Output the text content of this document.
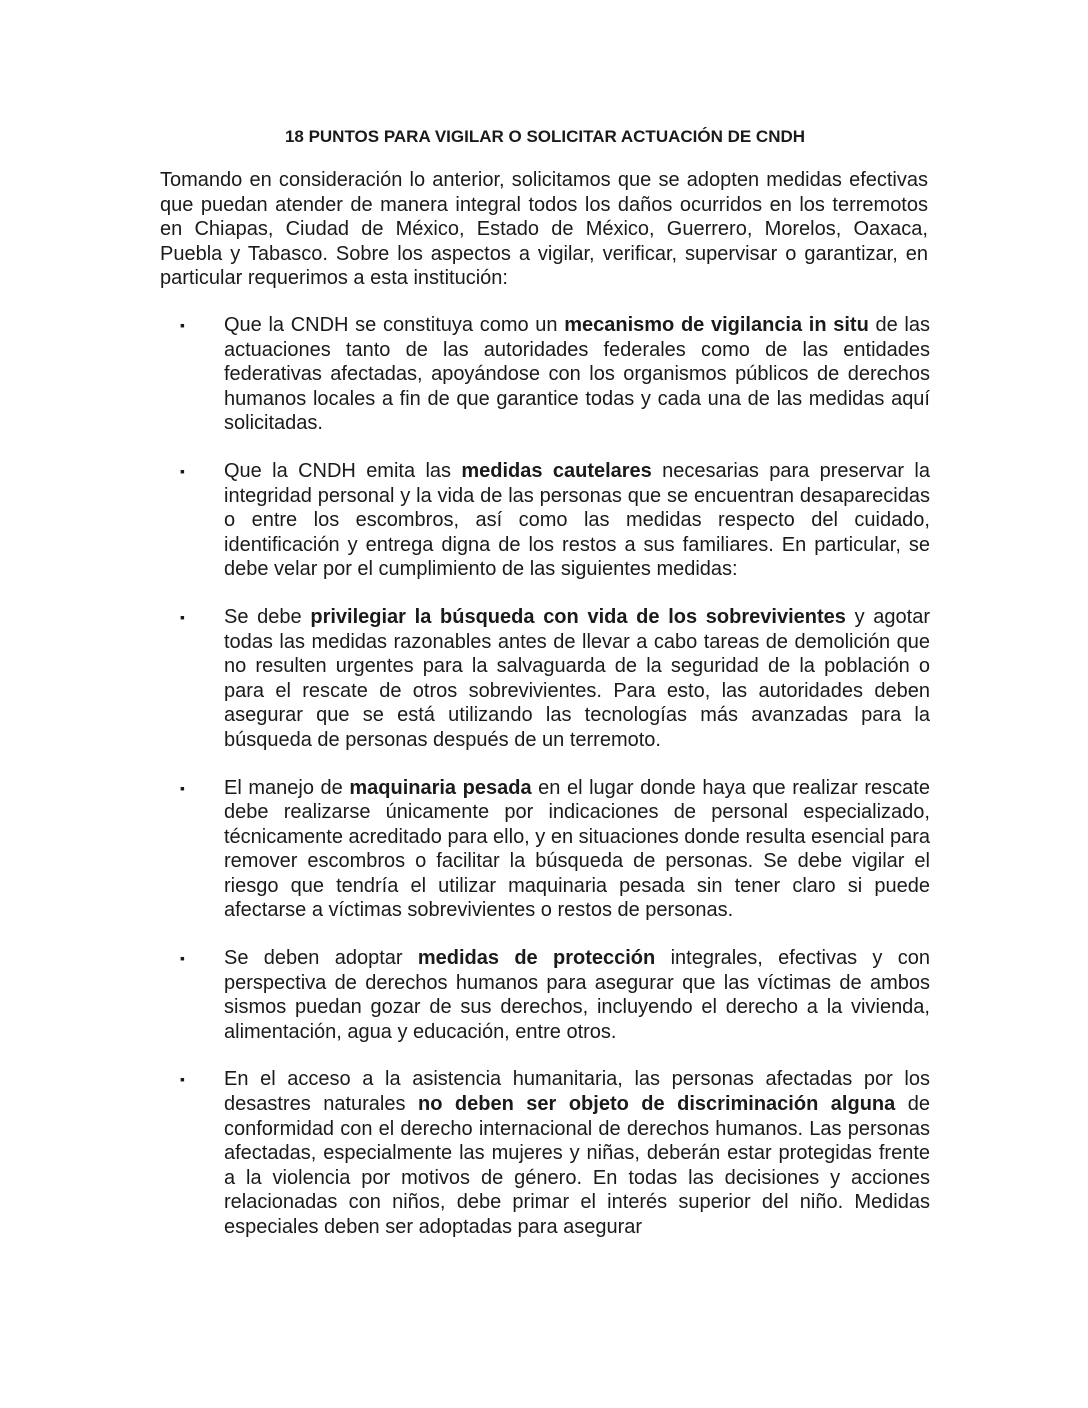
18 PUNTOS PARA VIGILAR O SOLICITAR ACTUACIÓN DE CNDH

Tomando en consideración lo anterior, solicitamos que se adopten medidas efectivas que puedan atender de manera integral todos los daños ocurridos en los terremotos en Chiapas, Ciudad de México, Estado de México, Guerrero, Morelos, Oaxaca, Puebla y Tabasco. Sobre los aspectos a vigilar, verificar, supervisar o garantizar, en particular requerimos a esta institución:

▪ Que la CNDH se constituya como un mecanismo de vigilancia in situ de las actuaciones tanto de las autoridades federales como de las entidades federativas afectadas, apoyándose con los organismos públicos de derechos humanos locales a fin de que garantice todas y cada una de las medidas aquí solicitadas.
▪ Que la CNDH emita las medidas cautelares necesarias para preservar la integridad personal y la vida de las personas que se encuentran desaparecidas o entre los escombros, así como las medidas respecto del cuidado, identificación y entrega digna de los restos a sus familiares. En particular, se debe velar por el cumplimiento de las siguientes medidas:
▪ Se debe privilegiar la búsqueda con vida de los sobrevivientes y agotar todas las medidas razonables antes de llevar a cabo tareas de demolición que no resulten urgentes para la salvaguarda de la seguridad de la población o para el rescate de otros sobrevivientes. Para esto, las autoridades deben asegurar que se está utilizando las tecnologías más avanzadas para la búsqueda de personas después de un terremoto.
▪ El manejo de maquinaria pesada en el lugar donde haya que realizar rescate debe realizarse únicamente por indicaciones de personal especializado, técnicamente acreditado para ello, y en situaciones donde resulta esencial para remover escombros o facilitar la búsqueda de personas. Se debe vigilar el riesgo que tendría el utilizar maquinaria pesada sin tener claro si puede afectarse a víctimas sobrevivientes o restos de personas.
▪ Se deben adoptar medidas de protección integrales, efectivas y con perspectiva de derechos humanos para asegurar que las víctimas de ambos sismos puedan gozar de sus derechos, incluyendo el derecho a la vivienda, alimentación, agua y educación, entre otros.
▪ En el acceso a la asistencia humanitaria, las personas afectadas por los desastres naturales no deben ser objeto de discriminación alguna de conformidad con el derecho internacional de derechos humanos. Las personas afectadas, especialmente las mujeres y niñas, deberán estar protegidas frente a la violencia por motivos de género. En todas las decisiones y acciones relacionadas con niños, debe primar el interés superior del niño. Medidas especiales deben ser adoptadas para asegurar
